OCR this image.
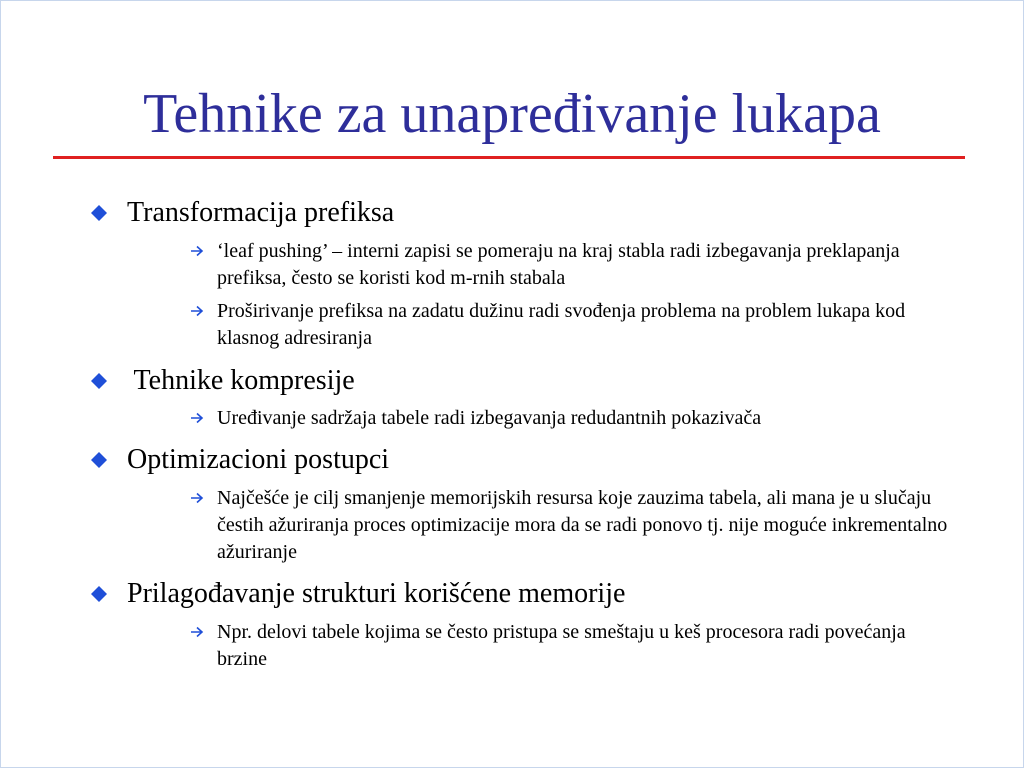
Tehnike za unapređivanje lukapa
Transformacija prefiksa
‘leaf pushing’ – interni zapisi se pomeraju na kraj stabla radi izbegavanja preklapanja prefiksa, često se koristi kod m-rnih stabala
Proširivanje prefiksa na zadatu dužinu radi svođenja problema na problem lukapa kod klasnog adresiranja
Tehnike kompresije
Uređivanje sadržaja tabele radi izbegavanja redudantnih pokazivača
Optimizacioni postupci
Najčešće je cilj smanjenje memorijskih resursa koje zauzima tabela, ali mana je u slučaju čestih ažuriranja proces optimizacije mora da se radi ponovo tj. nije moguće inkrementalno ažuriranje
Prilagođavanje strukturi korišćene memorije
Npr. delovi tabele kojima se često pristupa se smeštaju u keš procesora radi povećanja brzine
